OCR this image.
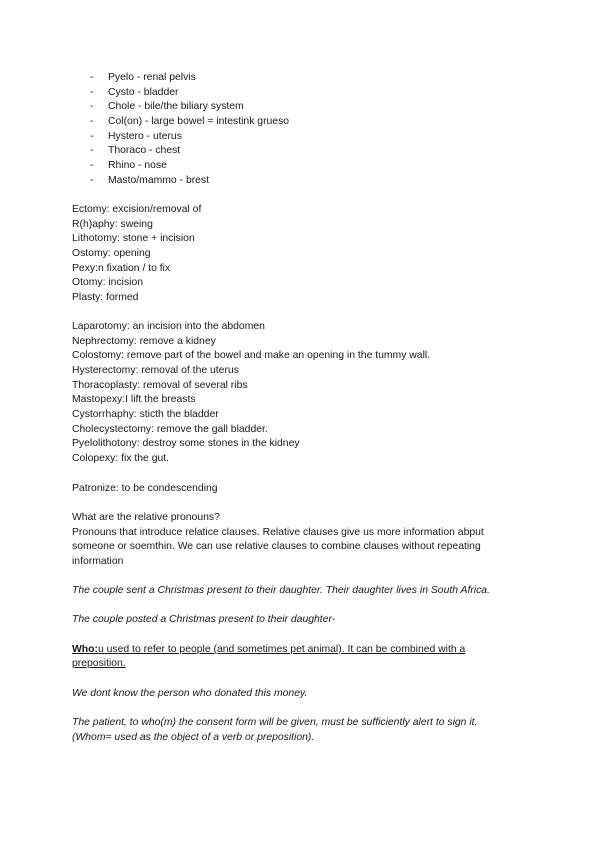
- Pyelo - renal pelvis
- Cysto - bladder
- Chole - bile/the biliary system
- Col(on) - large bowel = intestink grueso
- Hystero - uterus
- Thoraco - chest
- Rhino - nose
- Masto/mammo - brest
Ectomy: excision/removal of
R(h)aphy: sweing
Lithotomy: stone + incision
Ostomy: opening
Pexy:n fixation / to fix
Otomy: incision
Plasty: formed
Laparotomy: an incision into the abdomen
Nephrectomy: remove a kidney
Colostomy: remove part of the bowel and make an opening in the tummy wall.
Hysterectomy: removal of the uterus
Thoracoplasty: removal of several ribs
Mastopexy:I lift the breasts
Cystorrhaphy: sticth the bladder
Cholecystectomy: remove the gall bladder.
Pyelolithotony: destroy some stones in the kidney
Colopexy: fix the gut.
Patronize: to be condescending
What are the relative pronouns?
Pronouns that introduce relatice clauses. Relative clauses give us more information abput
someone or soemthin. We can use relative clauses to combine clauses without repeating
information
The couple sent a Christmas present to their daughter. Their daughter lives in South Africa.
The couple posted a Christmas present to their daughter-
Who:u used to refer to people (and sometimes pet animal). It can be combined with a
preposition.
We dont know the person who donated this money.
The patient, to who(m) the consent form will be given, must be sufficiently alert to sign it.
(Whom= used as the object of a verb or preposition).
